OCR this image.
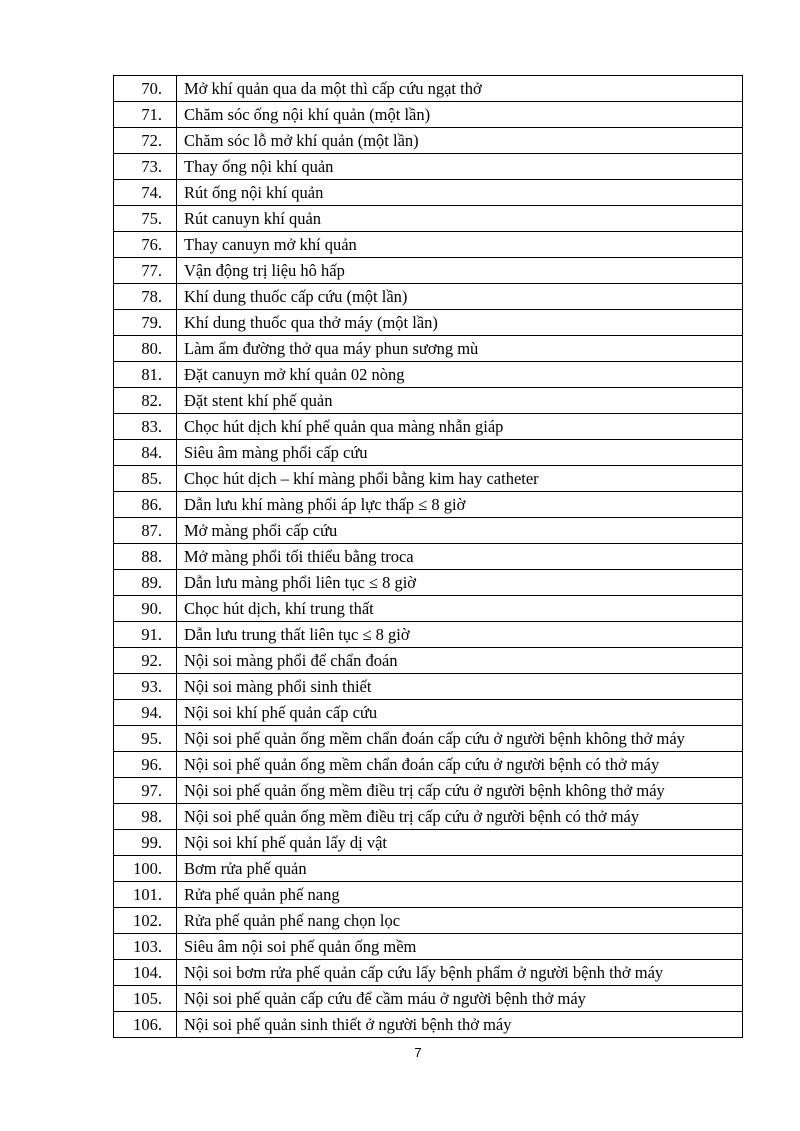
70.	Mở khí quản qua da một thì cấp cứu ngạt thở
71.	Chăm sóc ống nội khí quản (một lần)
72.	Chăm sóc lỗ mở khí quản (một lần)
73.	Thay ống nội khí quản
74.	Rút ống nội khí quản
75.	Rút canuyn khí quản
76.	Thay canuyn mở khí quản
77.	Vận động trị liệu hô hấp
78.	Khí dung thuốc cấp cứu (một lần)
79.	Khí dung thuốc qua thở máy (một lần)
80.	Làm ẩm đường thở qua máy phun sương mù
81.	Đặt canuyn mở khí quản 02 nòng
82.	Đặt stent khí phế quản
83.	Chọc hút dịch khí phế quản qua màng nhẫn giáp
84.	Siêu âm màng phổi cấp cứu
85.	Chọc hút dịch – khí màng phổi bằng kim hay catheter
86.	Dẫn lưu khí màng phổi áp lực thấp ≤ 8 giờ
87.	Mở màng phổi cấp cứu
88.	Mở màng phổi tối thiểu bằng troca
89.	Dẫn lưu màng phổi liên tục ≤ 8 giờ
90.	Chọc hút dịch, khí trung thất
91.	Dẫn lưu trung thất liên tục ≤ 8 giờ
92.	Nội soi màng phổi để chẩn đoán
93.	Nội soi màng phổi sinh thiết
94.	Nội soi khí phế quản cấp cứu
95.	Nội soi phế quản ống mềm chẩn đoán cấp cứu ở người bệnh không thở máy
96.	Nội soi phế quản ống mềm chẩn đoán cấp cứu ở người bệnh có thở máy
97.	Nội soi phế quản ống mềm điều trị cấp cứu ở người bệnh không thở máy
98.	Nội soi phế quản ống mềm điều trị cấp cứu ở người bệnh có thở máy
99.	Nội soi khí phế quản lấy dị vật
100.	Bơm rửa phế quản
101.	Rửa phế quản phế nang
102.	Rửa phế quản phế nang chọn lọc
103.	Siêu âm nội soi phế quản ống mềm
104.	Nội soi bơm rửa phế quản cấp cứu lấy bệnh phẩm ở người bệnh thở máy
105.	Nội soi phế quản cấp cứu để cầm máu ở người bệnh thở máy
106.	Nội soi phế quản sinh thiết ở người bệnh thở máy
7
